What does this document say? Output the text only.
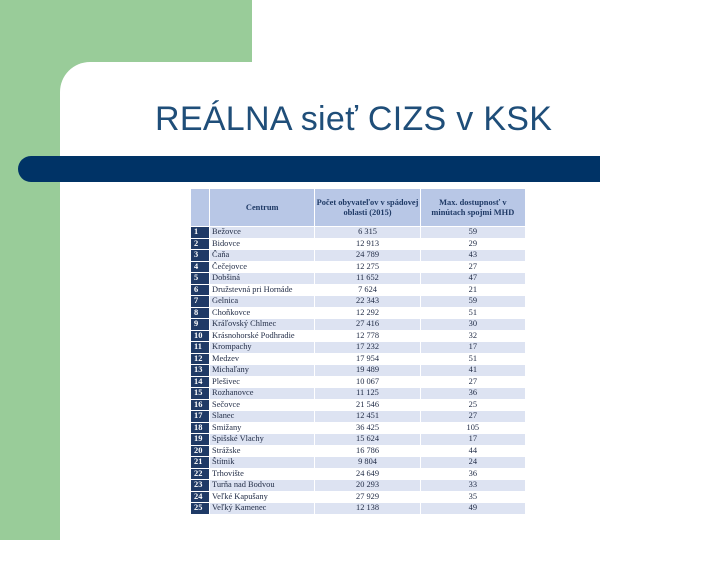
REÁLNA sieť CIZS v KSK
	Centrum	Počet obyvateľov v spádovej oblasti (2015)	Max. dostupnosť v minútach spojmi MHD
1	Bežovce	6 315	59
2	Bidovce	12 913	29
3	Čaňa	24 789	43
4	Čečejovce	12 275	27
5	Dobšiná	11 652	47
6	Družstevná pri Hornáde	7 624	21
7	Gelnica	22 343	59
8	Choňkovce	12 292	51
9	Kráľovský Chlmec	27 416	30
10	Krásnohorské Podhradie	12 778	32
11	Krompachy	17 232	17
12	Medzev	17 954	51
13	Michaľany	19 489	41
14	Plešivec	10 067	27
15	Rozhanovce	11 125	36
16	Sečovce	21 546	25
17	Slanec	12 451	27
18	Smižany	36 425	105
19	Spišské Vlachy	15 624	17
20	Strážske	16 786	44
21	Štítnik	9 804	24
22	Trhovište	24 649	36
23	Turňa nad Bodvou	20 293	33
24	Veľké Kapušany	27 929	35
25	Veľký Kamenec	12 138	49
